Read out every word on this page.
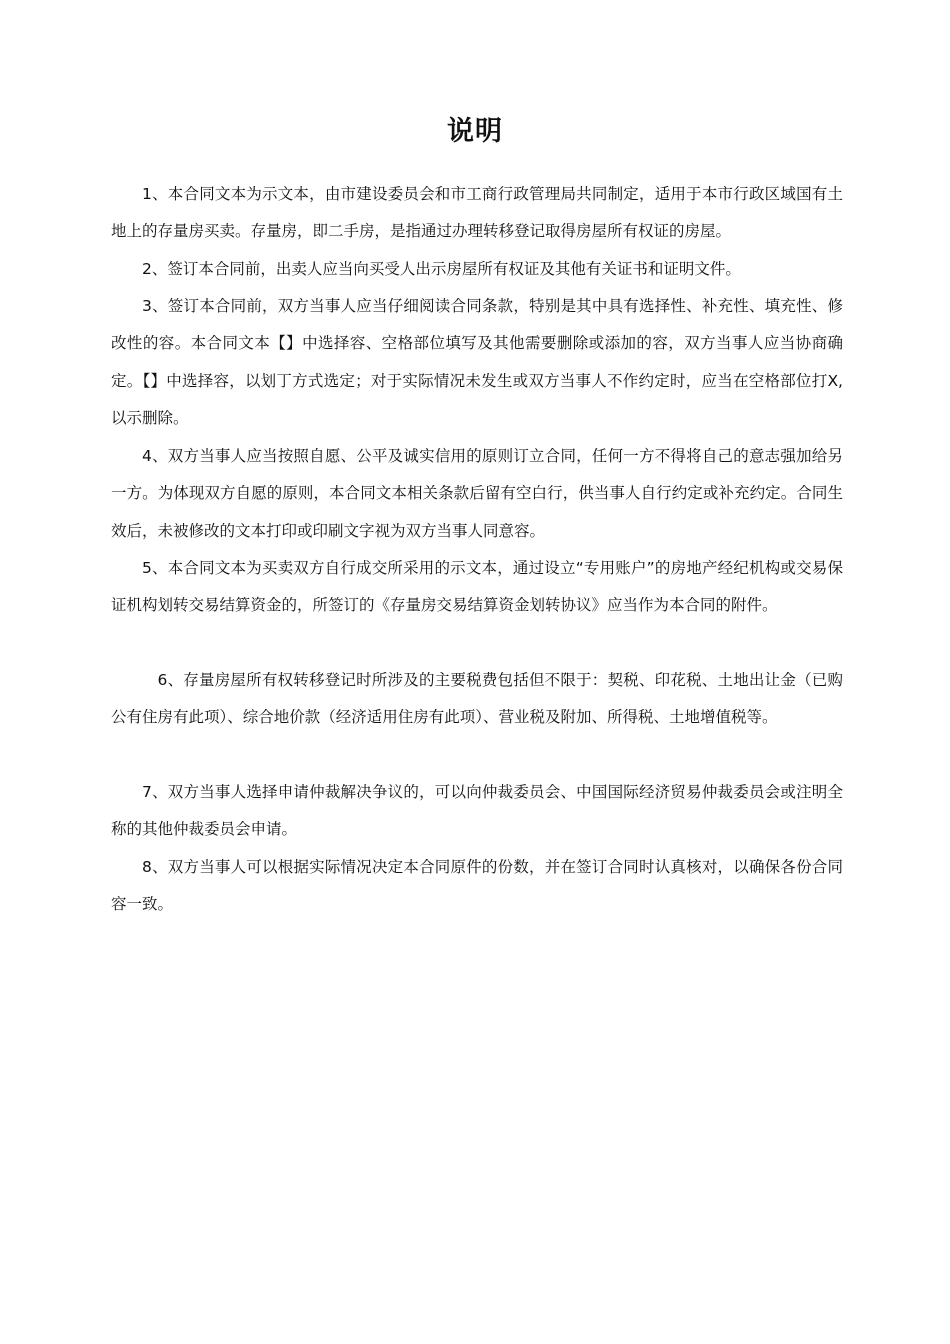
说明

1、本合同文本为示文本，由市建设委员会和市工商行政管理局共同制定，适用于本市行政区域国有土地上的存量房买卖。存量房，即二手房，是指通过办理转移登记取得房屋所有权证的房屋。

2、签订本合同前，出卖人应当向买受人出示房屋所有权证及其他有关证书和证明文件。

3、签订本合同前，双方当事人应当仔细阅读合同条款，特别是其中具有选择性、补充性、填充性、修改性的容。本合同文本【】中选择容、空格部位填写及其他需要删除或添加的容，双方当事人应当协商确定。【】中选择容，以划丁方式选定；对于实际情况未发生或双方当事人不作约定时，应当在空格部位打X,以示删除。

4、双方当事人应当按照自愿、公平及诚实信用的原则订立合同，任何一方不得将自己的意志强加给另一方。为体现双方自愿的原则，本合同文本相关条款后留有空白行，供当事人自行约定或补充约定。合同生效后，未被修改的文本打印或印刷文字视为双方当事人同意容。

5、本合同文本为买卖双方自行成交所采用的示文本，通过设立“专用账户”的房地产经纪机构或交易保证机构划转交易结算资金的，所签订的《存量房交易结算资金划转协议》应当作为本合同的附件。

6、存量房屋所有权转移登记时所涉及的主要税费包括但不限于：契税、印花税、土地出让金（已购公有住房有此项）、综合地价款（经济适用住房有此项）、营业税及附加、所得税、土地增值税等。

7、双方当事人选择申请仲裁解决争议的，可以向仲裁委员会、中国国际经济贸易仲裁委员会或注明全称的其他仲裁委员会申请。

8、双方当事人可以根据实际情况决定本合同原件的份数，并在签订合同时认真核对，以确保各份合同容一致。
